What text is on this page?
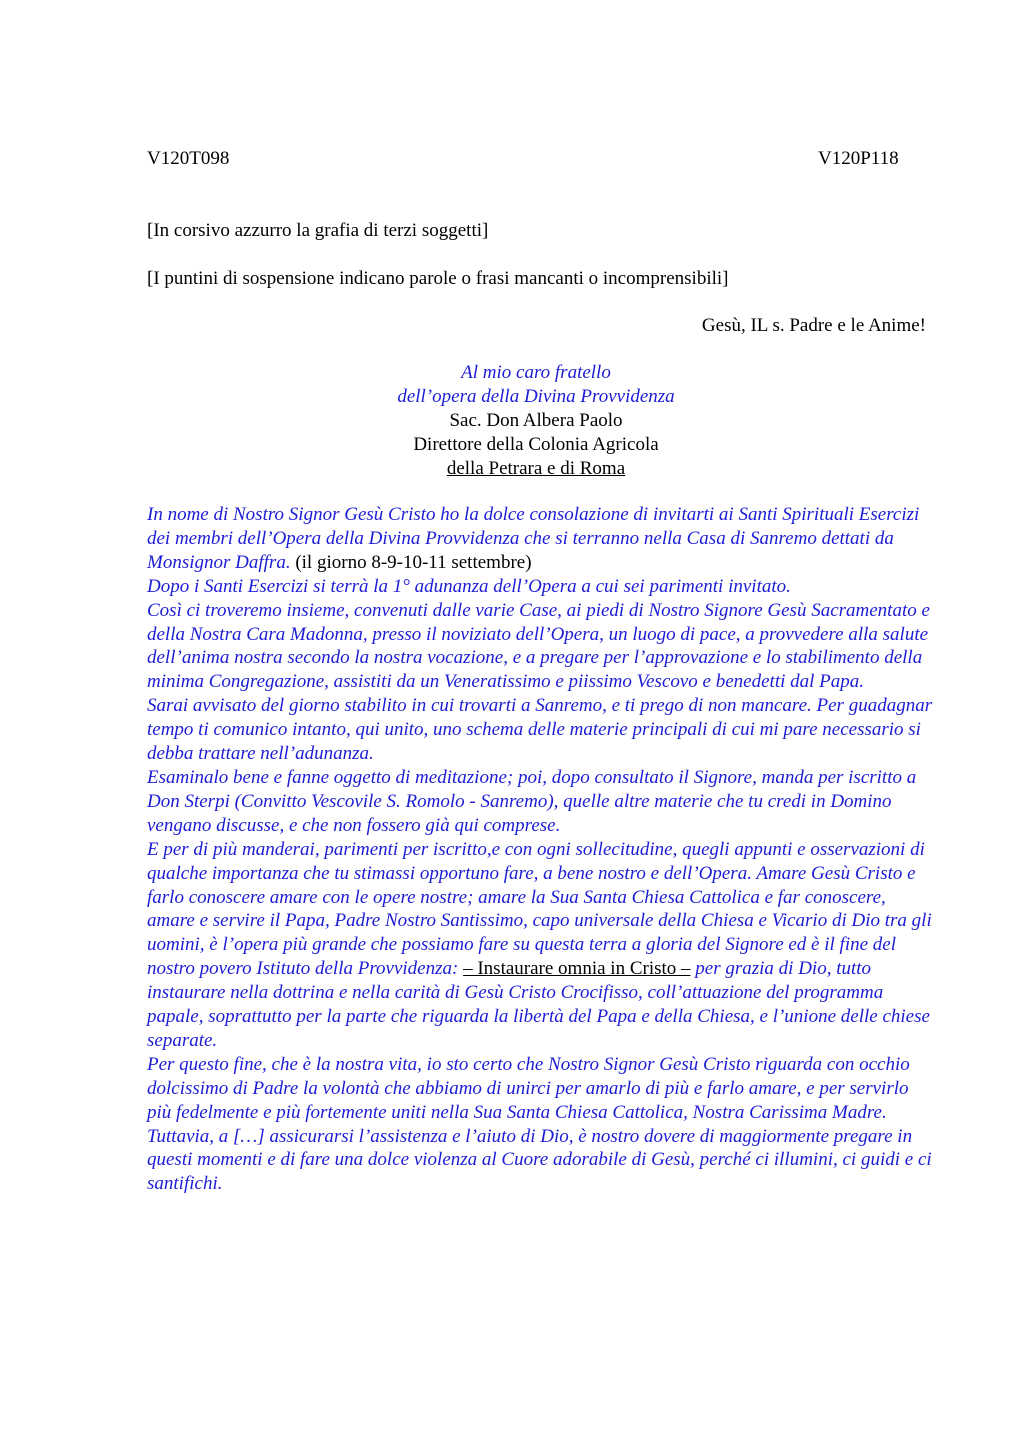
V120T098	V120P118
[In corsivo azzurro la grafia di terzi soggetti]
[I puntini di sospensione indicano parole o frasi mancanti o incomprensibili]
Gesù, IL s. Padre e le Anime!
Al mio caro fratello
dell’opera della Divina Provvidenza
Sac. Don Albera Paolo
Direttore della Colonia Agricola
della Petrara e di Roma

In nome di Nostro Signor Gesù Cristo ho la dolce consolazione di invitarti ai Santi Spirituali Esercizi dei membri dell’Opera della Divina Provvidenza che si terranno nella Casa di Sanremo dettati da Monsignor Daffra. (il giorno 8-9-10-11 settembre)

Dopo i Santi Esercizi si terrà la 1° adunanza dell’Opera a cui sei parimenti invitato.

Così ci troveremo insieme, convenuti dalle varie Case, ai piedi di Nostro Signore Gesù Sacramentato e della Nostra Cara Madonna, presso il noviziato dell’Opera, un luogo di pace, a provvedere alla salute dell’anima nostra secondo la nostra vocazione, e a pregare per l’approvazione e lo stabilimento della minima Congregazione, assistiti da un Veneratissimo e piissimo Vescovo e benedetti dal Papa.

Sarai avvisato del giorno stabilito in cui trovarti a Sanremo, e ti prego di non mancare. Per guadagnar tempo ti comunico intanto, qui unito, uno schema delle materie principali di cui mi pare necessario si debba trattare nell’adunanza.

Esaminalo bene e fanne oggetto di meditazione; poi, dopo consultato il Signore, manda per iscritto a Don Sterpi (Convitto Vescovile S. Romolo - Sanremo), quelle altre materie che tu credi in Domino vengano discusse, e che non fossero già qui comprese.

E per di più manderai, parimenti per iscritto,e con ogni sollecitudine, quegli appunti e osservazioni di qualche importanza che tu stimassi opportuno fare, a bene nostro e dell’Opera. Amare Gesù Cristo e farlo conoscere amare con le opere nostre; amare la Sua Santa Chiesa Cattolica e far conoscere, amare e servire il Papa, Padre Nostro Santissimo, capo universale della Chiesa e Vicario di Dio tra gli uomini, è l’opera più grande che possiamo fare su questa terra a gloria del Signore ed è il fine del nostro povero Istituto della Provvidenza: – Instaurare omnia in Cristo – per grazia di Dio, tutto instaurare nella dottrina e nella carità di Gesù Cristo Crocifisso, coll’attuazione del programma papale, soprattutto per la parte che riguarda la libertà del Papa e della Chiesa, e l’unione delle chiese separate.

Per questo fine, che è la nostra vita, io sto certo che Nostro Signor Gesù Cristo riguarda con occhio dolcissimo di Padre la volontà che abbiamo di unirci per amarlo di più e farlo amare, e per servirlo più fedelmente e più fortemente uniti nella Sua Santa Chiesa Cattolica, Nostra Carissima Madre.

Tuttavia, a […] assicurarsi l’assistenza e l’aiuto di Dio, è nostro dovere di maggiormente pregare in questi momenti e di fare una dolce violenza al Cuore adorabile di Gesù, perché ci illumini, ci guidi e ci santifichi.
